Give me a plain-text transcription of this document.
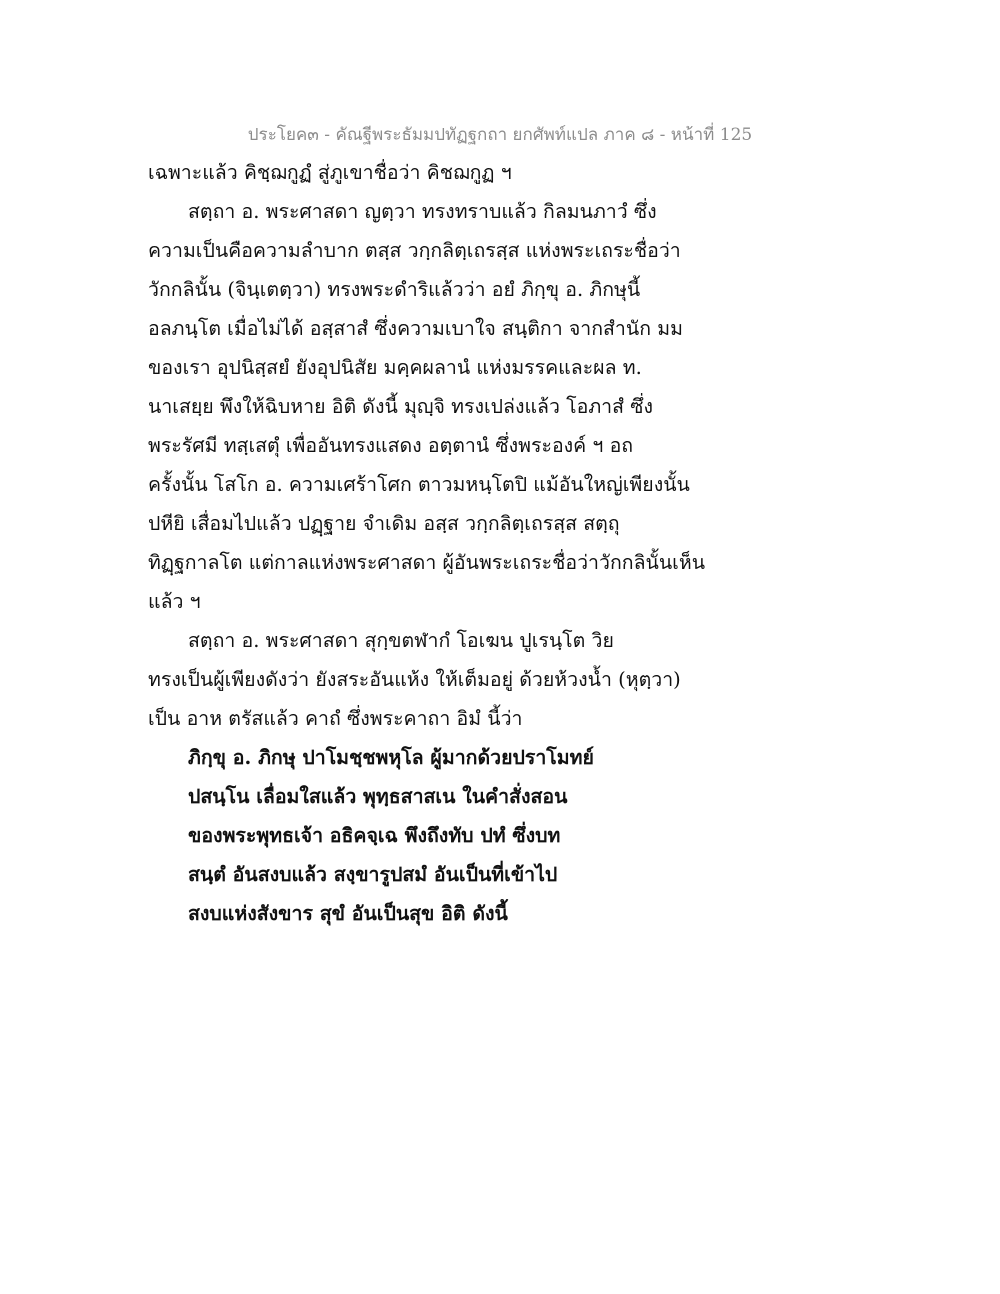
ประโยค๓ - คัณฐีพระธัมมปทัฏฐกถา ยกศัพท์แปล ภาค ๘ - หน้าที่ 125
เฉพาะแล้ว คิชฺฌกูฏํ สู่ภูเขาชื่อว่า คิชฌกูฏ ฯ
สตฺถา อ. พระศาสดา ญตฺวา ทรงทราบแล้ว กิลมนภาวํ ซึ่ง
ความเป็นคือความลำบาก ตสฺส วกฺกลิตฺเถรสฺส แห่งพระเถระชื่อว่า
วักกลินั้น (จินฺเตตฺวา) ทรงพระดำริแล้วว่า อยํ ภิกฺขุ อ. ภิกษุนี้
อลภนฺโต เมื่อไม่ได้ อสฺสาสํ ซึ่งความเบาใจ สนฺติกา จากสำนัก มม
ของเรา อุปนิสฺสยํ ยังอุปนิสัย มคฺคผลานํ แห่งมรรคและผล ท.
นาเสยฺย พึงให้ฉิบหาย อิติ ดังนี้ มุญฺจิ ทรงเปล่งแล้ว โอภาสํ ซึ่ง
พระรัศมี ทสฺเสตุํ เพื่ออันทรงแสดง อตฺตานํ ซึ่งพระองค์ ฯ อถ
ครั้งนั้น โสโก อ. ความเศร้าโศก ตาวมหนฺโตปิ แม้อันใหญ่เพียงนั้น
ปหียิ เสื่อมไปแล้ว ปฏฺฐาย จำเดิม อสฺส วกฺกลิตฺเถรสฺส สตฺถุ
ทิฏฺฐกาลโต แต่กาลแห่งพระศาสดา ผู้อันพระเถระชื่อว่าวักกลินั้นเห็น
แล้ว ฯ
สตฺถา อ. พระศาสดา สุกฺขตฬากํ โอเฆน ปูเรนฺโต วิย
ทรงเป็นผู้เพียงดังว่า ยังสระอันแห้ง ให้เต็มอยู่ ด้วยห้วงน้ำ (หุตฺวา)
เป็น อาห ตรัสแล้ว คาถํ ซึ่งพระคาถา อิมํ นี้ว่า
ภิกฺขุ อ. ภิกษุ ปาโมชฺชพหุโล ผู้มากด้วยปราโมทย์
ปสนฺโน เลื่อมใสแล้ว พุทฺธสาสเน ในคำสั่งสอน
ของพระพุทธเจ้า อธิคจฺเฉ พึงถึงทับ ปทํ ซึ่งบท
สนฺตํ อันสงบแล้ว สงฺขารูปสมํ อันเป็นที่เข้าไป
สงบแห่งสังขาร สุขํ อันเป็นสุข อิติ ดังนี้
